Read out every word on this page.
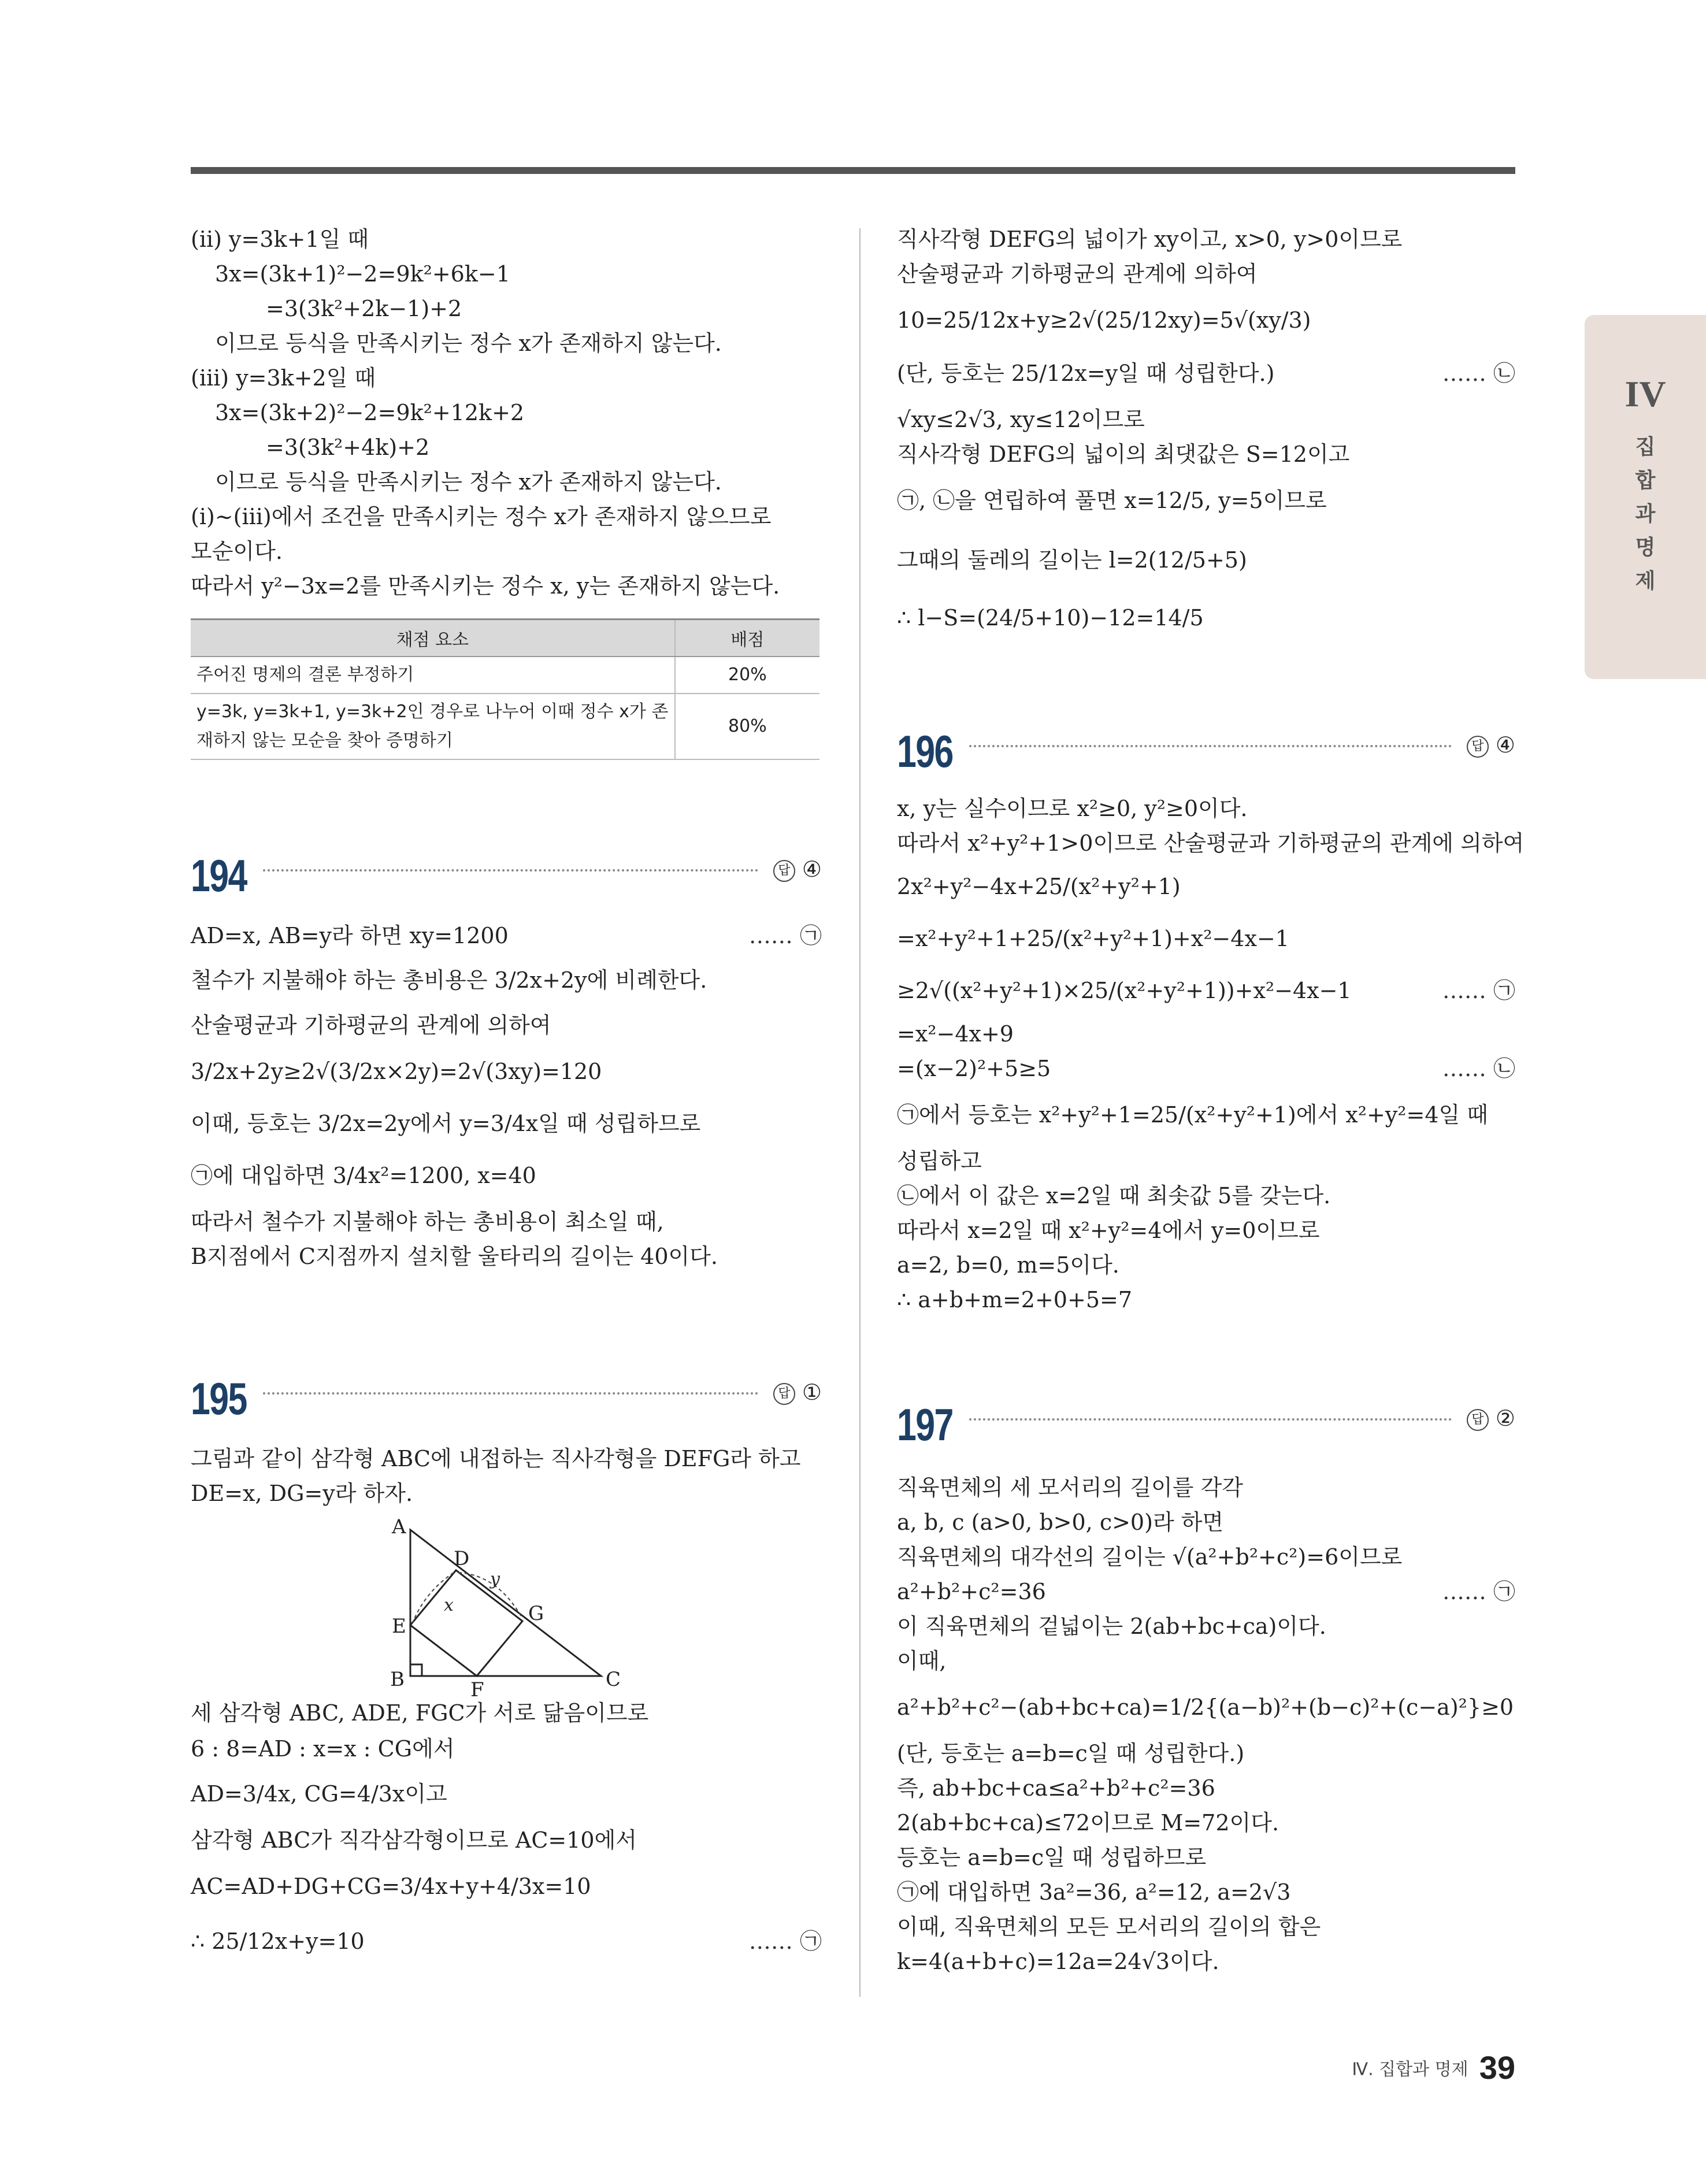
IV
집
합
과
명
제
(ⅱ) y=3k+1일 때
3x=(3k+1)²−2=9k²+6k−1
=3(3k²+2k−1)+2
이므로 등식을 만족시키는 정수 x가 존재하지 않는다.
(ⅲ) y=3k+2일 때
3x=(3k+2)²−2=9k²+12k+2
=3(3k²+4k)+2
이므로 등식을 만족시키는 정수 x가 존재하지 않는다.
(ⅰ)~(ⅲ)에서 조건을 만족시키는 정수 x가 존재하지 않으므로
모순이다.
따라서 y²−3x=2를 만족시키는 정수 x, y는 존재하지 않는다.
채점 요소	배점
주어진 명제의 결론 부정하기	20%
y=3k, y=3k+1, y=3k+2인 경우로 나누어 이때 정수 x가 존재하지 않는 모순을 찾아 증명하기	80%
194	답 ④
AD=x, AB=y라 하면 xy=1200	…… ㉠
철수가 지불해야 하는 총비용은 3/2x+2y에 비례한다.
산술평균과 기하평균의 관계에 의하여
3/2x+2y≥2√(3/2x×2y)=2√(3xy)=120
이때, 등호는 3/2x=2y에서 y=3/4x일 때 성립하므로
㉠에 대입하면 3/4x²=1200, x=40
따라서 철수가 지불해야 하는 총비용이 최소일 때,
B지점에서 C지점까지 설치할 울타리의 길이는 40이다.
195	답 ①
그림과 같이 삼각형 ABC에 내접하는 직사각형을 DEFG라 하고
DE=x, DG=y라 하자.
세 삼각형 ABC, ADE, FGC가 서로 닮음이므로
6 : 8=AD : x=x : CG에서
AD=3/4x, CG=4/3x이고
삼각형 ABC가 직각삼각형이므로 AC=10에서
AC=AD+DG+CG=3/4x+y+4/3x=10
∴ 25/12x+y=10	…… ㉠
A
B	C
D
E
F
G
x
y
직사각형 DEFG의 넓이가 xy이고, x>0, y>0이므로
산술평균과 기하평균의 관계에 의하여
10=25/12x+y≥2√(25/12xy)=5√(xy/3)
(단, 등호는 25/12x=y일 때 성립한다.)	…… ㉡
√xy≤2√3, xy≤12이므로
직사각형 DEFG의 넓이의 최댓값은 S=12이고
㉠, ㉡을 연립하여 풀면 x=12/5, y=5이므로
그때의 둘레의 길이는 l=2(12/5+5)
∴ l−S=(24/5+10)−12=14/5
196	답 ④
x, y는 실수이므로 x²≥0, y²≥0이다.
따라서 x²+y²+1>0이므로 산술평균과 기하평균의 관계에 의하여
2x²+y²−4x+25/(x²+y²+1)
=x²+y²+1+25/(x²+y²+1)+x²−4x−1
≥2√((x²+y²+1)×25/(x²+y²+1))+x²−4x−1	…… ㉠
=x²−4x+9
=(x−2)²+5≥5	…… ㉡
㉠에서 등호는 x²+y²+1=25/(x²+y²+1)에서 x²+y²=4일 때
성립하고
㉡에서 이 값은 x=2일 때 최솟값 5를 갖는다.
따라서 x=2일 때 x²+y²=4에서 y=0이므로
a=2, b=0, m=5이다.
∴ a+b+m=2+0+5=7
197	답 ②
직육면체의 세 모서리의 길이를 각각
a, b, c (a>0, b>0, c>0)라 하면
직육면체의 대각선의 길이는 √(a²+b²+c²)=6이므로
a²+b²+c²=36	…… ㉠
이 직육면체의 겉넓이는 2(ab+bc+ca)이다.
이때,
a²+b²+c²−(ab+bc+ca)=1/2{(a−b)²+(b−c)²+(c−a)²}≥0
(단, 등호는 a=b=c일 때 성립한다.)
즉, ab+bc+ca≤a²+b²+c²=36
2(ab+bc+ca)≤72이므로 M=72이다.
등호는 a=b=c일 때 성립하므로
㉠에 대입하면 3a²=36, a²=12, a=2√3
이때, 직육면체의 모든 모서리의 길이의 합은
k=4(a+b+c)=12a=24√3이다.
Ⅳ. 집합과 명제 39
